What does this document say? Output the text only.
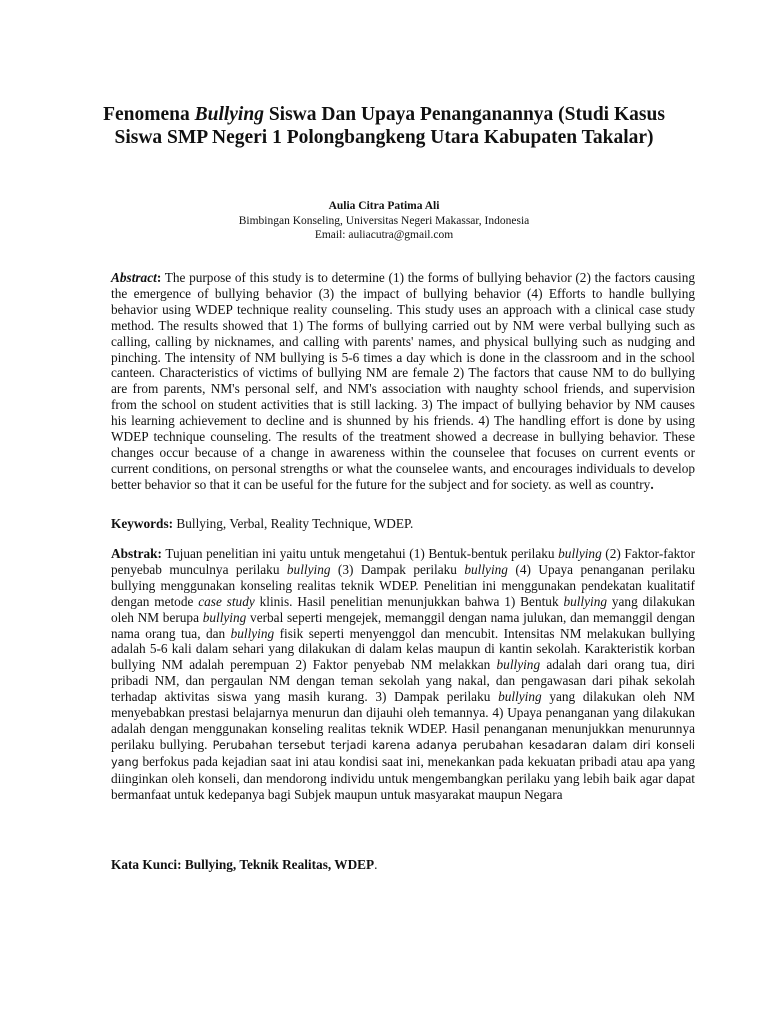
Fenomena Bullying Siswa Dan Upaya Penanganannya (Studi Kasus Siswa SMP Negeri 1 Polongbangkeng Utara Kabupaten Takalar)
Aulia Citra Patima Ali
Bimbingan Konseling, Universitas Negeri Makassar, Indonesia
Email: auliacutra@gmail.com

Abstract: The purpose of this study is to determine (1) the forms of bullying behavior (2) the factors causing the emergence of bullying behavior (3) the impact of bullying behavior (4) Efforts to handle bullying behavior using WDEP technique reality counseling. This study uses an approach with a clinical case study method. The results showed that 1) The forms of bullying carried out by NM were verbal bullying such as calling, calling by nicknames, and calling with parents' names, and physical bullying such as nudging and pinching. The intensity of NM bullying is 5-6 times a day which is done in the classroom and in the school canteen. Characteristics of victims of bullying NM are female 2) The factors that cause NM to do bullying are from parents, NM's personal self, and NM's association with naughty school friends, and supervision from the school on student activities that is still lacking. 3) The impact of bullying behavior by NM causes his learning achievement to decline and is shunned by his friends. 4) The handling effort is done by using WDEP technique counseling. The results of the treatment showed a decrease in bullying behavior. These changes occur because of a change in awareness within the counselee that focuses on current events or current conditions, on personal strengths or what the counselee wants, and encourages individuals to develop better behavior so that it can be useful for the future for the subject and for society. as well as country.

Keywords: Bullying, Verbal, Reality Technique, WDEP.

Abstrak: Tujuan penelitian ini yaitu untuk mengetahui (1) Bentuk-bentuk perilaku bullying (2) Faktor-faktor penyebab munculnya perilaku bullying (3) Dampak perilaku bullying (4) Upaya penanganan perilaku bullying menggunakan konseling realitas teknik WDEP. Penelitian ini menggunakan pendekatan kualitatif dengan metode case study klinis. Hasil penelitian menunjukkan bahwa 1) Bentuk bullying yang dilakukan oleh NM berupa bullying verbal seperti mengejek, memanggil dengan nama julukan, dan memanggil dengan nama orang tua, dan bullying fisik seperti menyenggol dan mencubit. Intensitas NM melakukan bullying adalah 5-6 kali dalam sehari yang dilakukan di dalam kelas maupun di kantin sekolah. Karakteristik korban bullying NM adalah perempuan 2) Faktor penyebab NM melakkan bullying adalah dari orang tua, diri pribadi NM, dan pergaulan NM dengan teman sekolah yang nakal, dan pengawasan dari pihak sekolah terhadap aktivitas siswa yang masih kurang. 3) Dampak perilaku bullying yang dilakukan oleh NM menyebabkan prestasi belajarnya menurun dan dijauhi oleh temannya. 4) Upaya penanganan yang dilakukan adalah dengan menggunakan konseling realitas teknik WDEP. Hasil penanganan menunjukkan menurunnya perilaku bullying. Perubahan tersebut terjadi karena adanya perubahan kesadaran dalam diri konseli yang berfokus pada kejadian saat ini atau kondisi saat ini, menekankan pada kekuatan pribadi atau apa yang diinginkan oleh konseli, dan mendorong individu untuk mengembangkan perilaku yang lebih baik agar dapat bermanfaat untuk kedepanya bagi Subjek maupun untuk masyarakat maupun Negara

Kata Kunci: Bullying, Teknik Realitas, WDEP.
